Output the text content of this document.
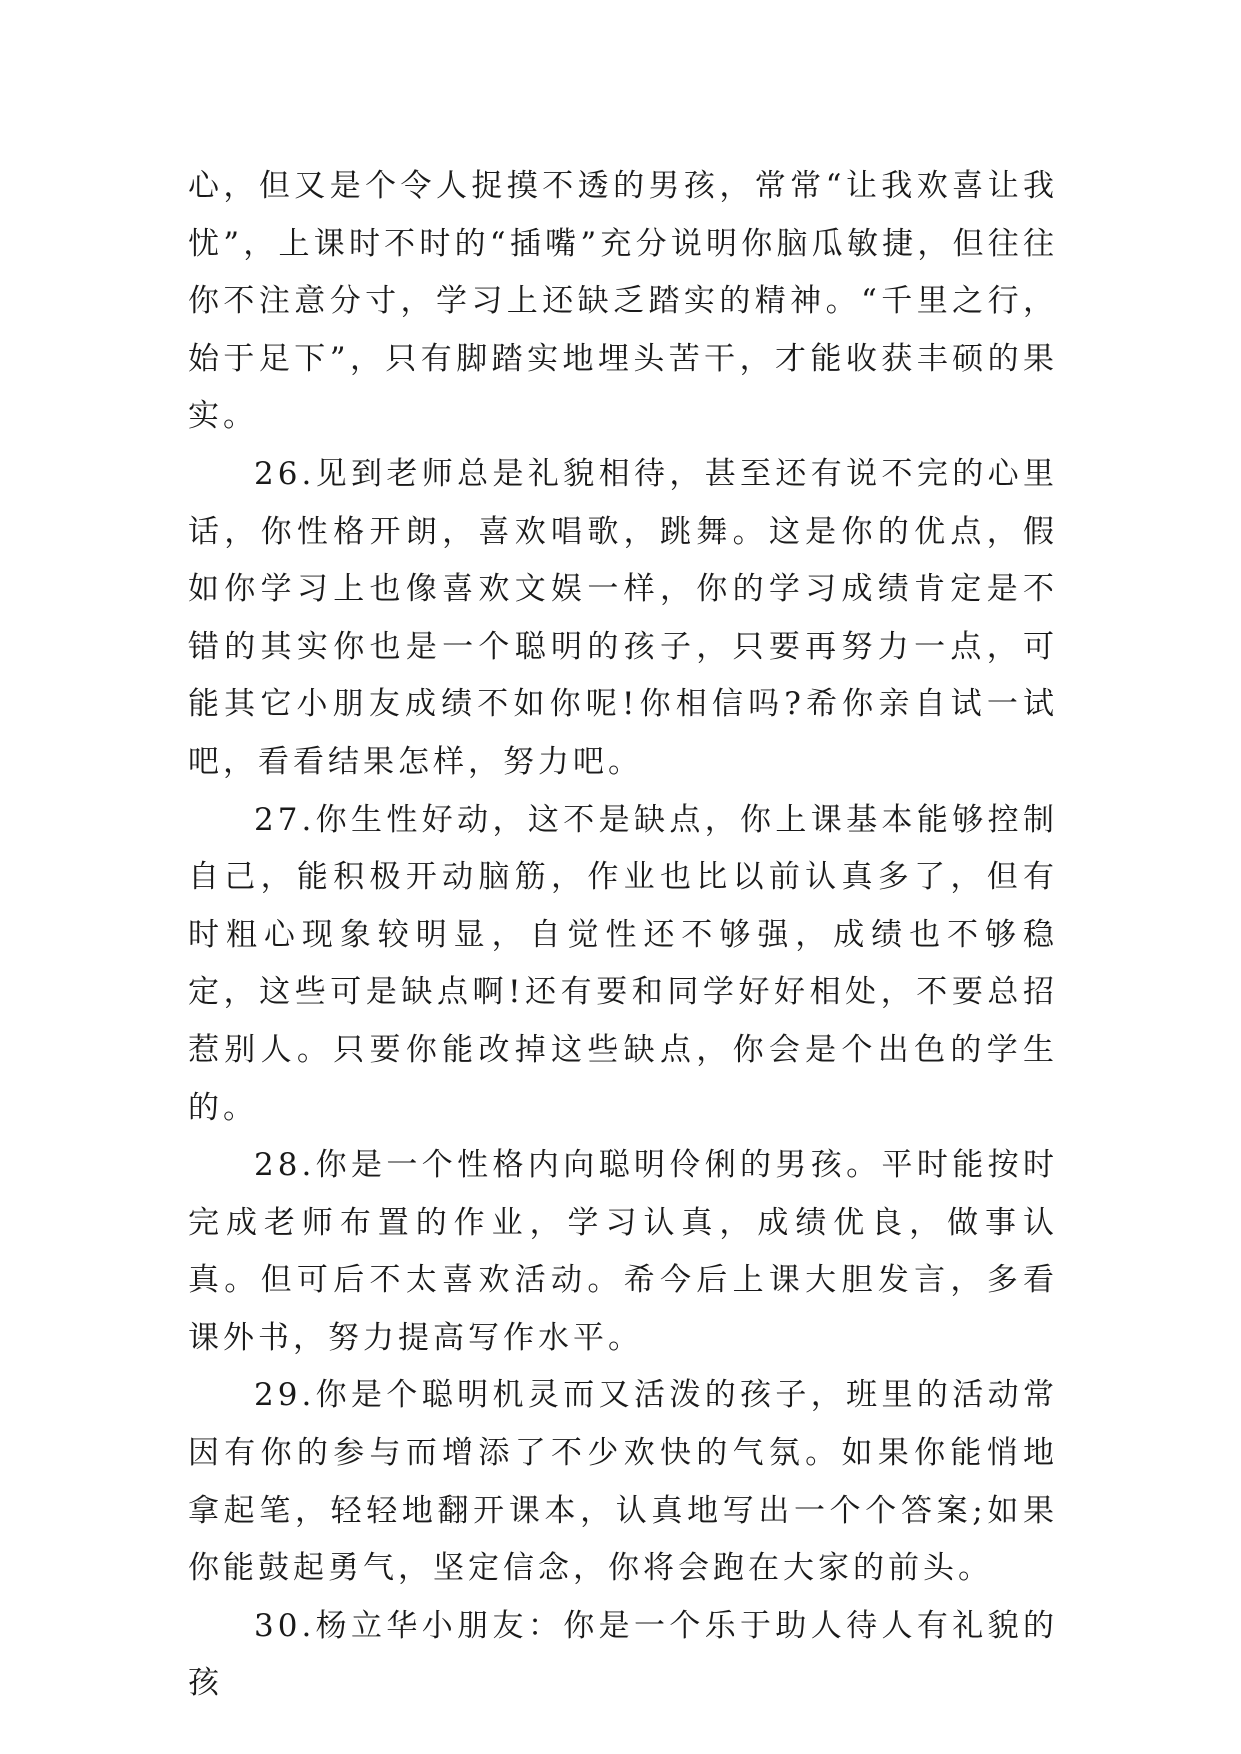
心，但又是个令人捉摸不透的男孩，常常“让我欢喜让我忧”，上课时不时的“插嘴”充分说明你脑瓜敏捷，但往往你不注意分寸，学习上还缺乏踏实的精神。“千里之行，始于足下”，只有脚踏实地埋头苦干，才能收获丰硕的果实。

26.见到老师总是礼貌相待，甚至还有说不完的心里话，你性格开朗，喜欢唱歌，跳舞。这是你的优点，假如你学习上也像喜欢文娱一样，你的学习成绩肯定是不错的其实你也是一个聪明的孩子，只要再努力一点，可能其它小朋友成绩不如你呢!你相信吗?希你亲自试一试吧，看看结果怎样，努力吧。

27.你生性好动，这不是缺点，你上课基本能够控制自己，能积极开动脑筋，作业也比以前认真多了，但有时粗心现象较明显，自觉性还不够强，成绩也不够稳定，这些可是缺点啊!还有要和同学好好相处，不要总招惹别人。只要你能改掉这些缺点，你会是个出色的学生的。

28.你是一个性格内向聪明伶俐的男孩。平时能按时完成老师布置的作业，学习认真，成绩优良，做事认真。但可后不太喜欢活动。希今后上课大胆发言，多看课外书，努力提高写作水平。

29.你是个聪明机灵而又活泼的孩子，班里的活动常因有你的参与而增添了不少欢快的气氛。如果你能悄地拿起笔，轻轻地翻开课本，认真地写出一个个答案;如果你能鼓起勇气，坚定信念，你将会跑在大家的前头。

30.杨立华小朋友：你是一个乐于助人待人有礼貌的孩
